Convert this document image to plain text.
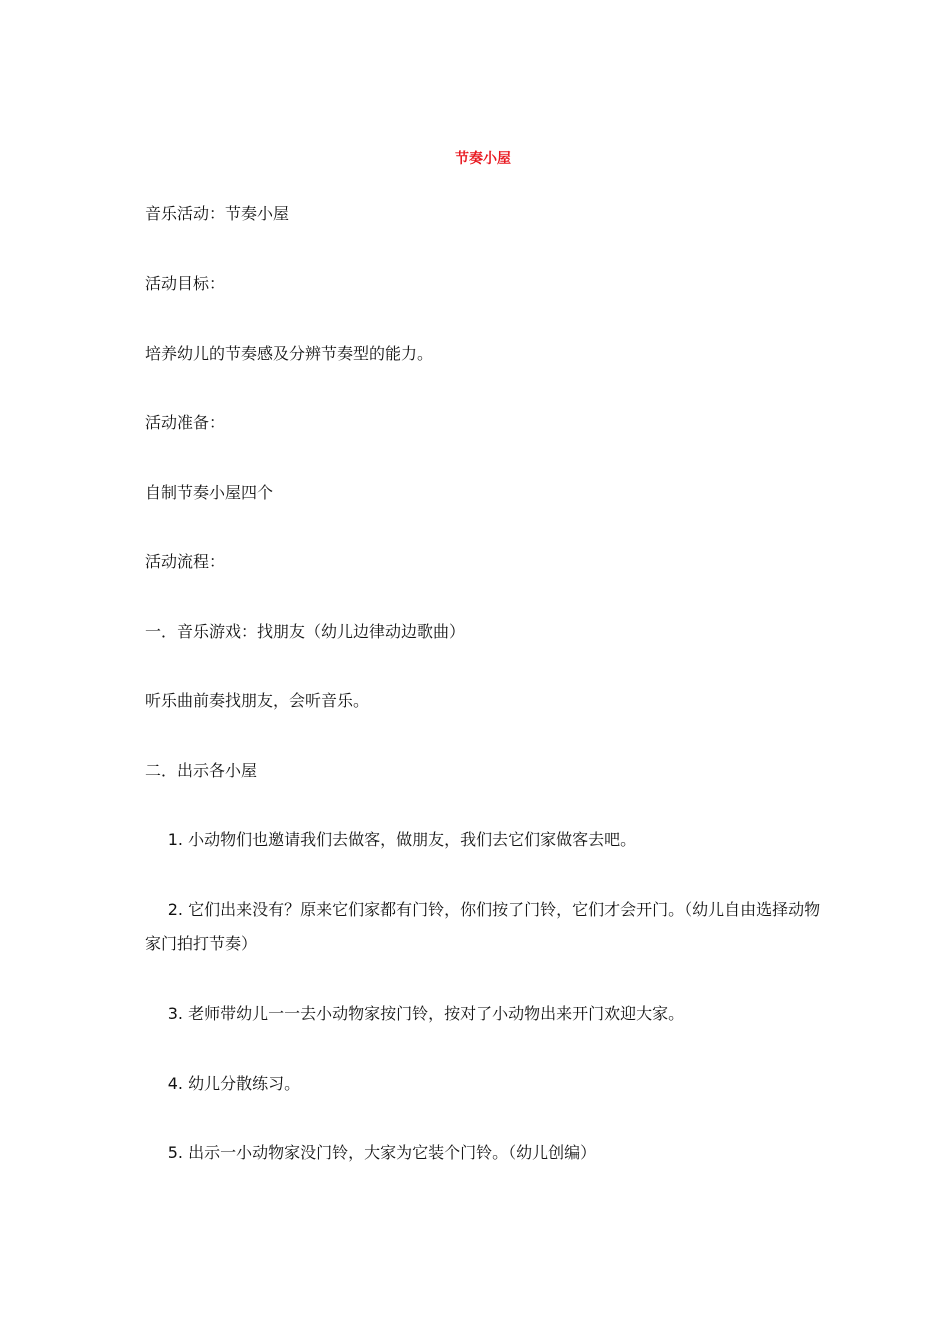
节奏小屋
音乐活动：节奏小屋
活动目标：
培养幼儿的节奏感及分辨节奏型的能力。
活动准备：
自制节奏小屋四个
活动流程：
一．音乐游戏：找朋友（幼儿边律动边歌曲）
听乐曲前奏找朋友，会听音乐。
二．出示各小屋
1. 小动物们也邀请我们去做客，做朋友，我们去它们家做客去吧。
2. 它们出来没有？原来它们家都有门铃，你们按了门铃，它们才会开门。（幼儿自由选择动物家门拍打节奏）
3. 老师带幼儿一一去小动物家按门铃，按对了小动物出来开门欢迎大家。
4. 幼儿分散练习。
5. 出示一小动物家没门铃，大家为它装个门铃。（幼儿创编）
